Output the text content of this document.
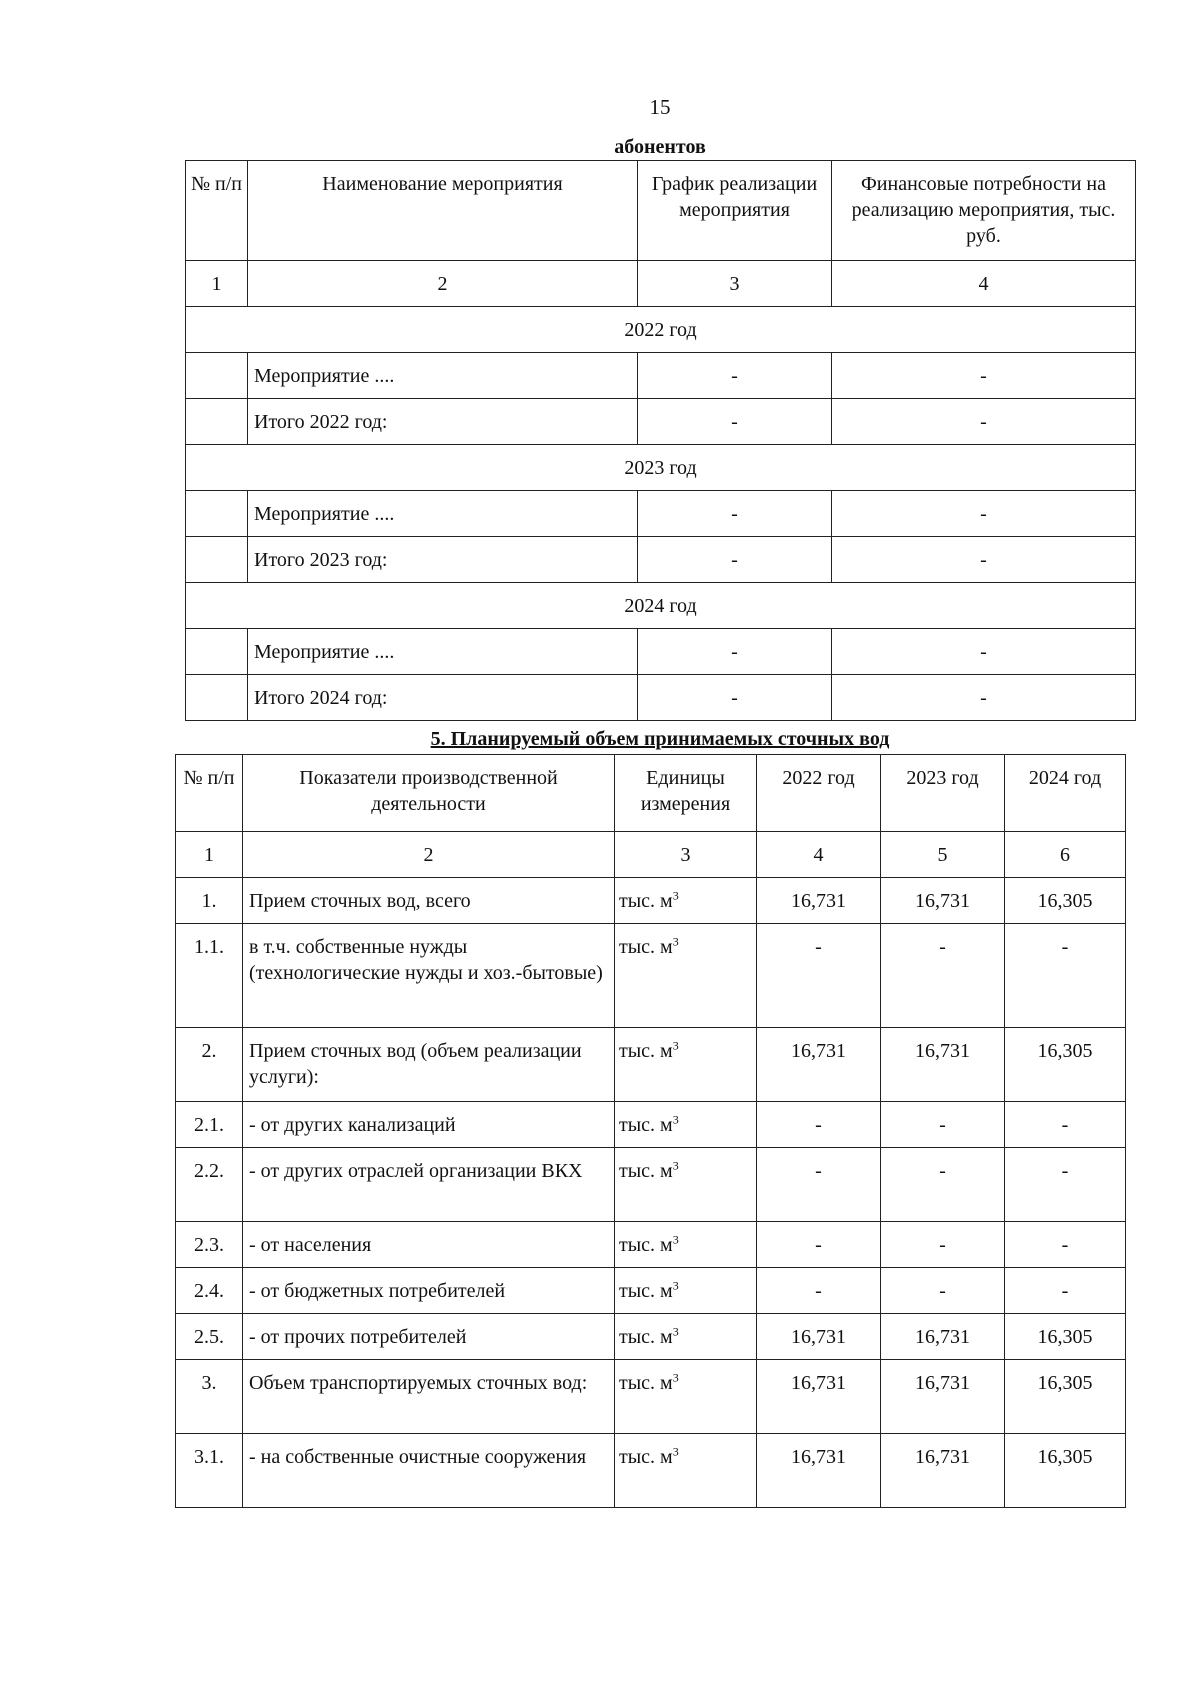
15
абонентов
№ п/п	Наименование мероприятия	График реализации мероприятия	Финансовые потребности на реализацию мероприятия, тыс. руб.
1	2	3	4
2022 год			
	Мероприятие ....	-	-
	Итого 2022 год:	-	-
2023 год			
	Мероприятие ....	-	-
	Итого 2023 год:	-	-
2024 год			
	Мероприятие ....	-	-
	Итого 2024 год:	-	-
5. Планируемый объем принимаемых сточных вод
№ п/п	Показатели производственной деятельности	Единицы измерения	2022 год	2023 год	2024 год
1	2	3	4	5	6
1.	Прием сточных вод, всего	тыс. $м^3$	16,731	16,731	16,305
1.1.	в т.ч. собственные нужды (технологические нужды и хоз.-бытовые)	тыс. $м^3$	-	-	-
2.	Прием сточных вод (объем реализации услуги):	тыс. $м^3$	16,731	16,731	16,305
2.1.	- от других канализаций	тыс. $м^3$	-	-	-
2.2.	- от других отраслей организации ВКХ	тыс. $м^3$	-	-	-
2.3.	- от населения	тыс. $м^3$	-	-	-
2.4.	- от бюджетных потребителей	тыс. $м^3$	-	-	-
2.5.	- от прочих потребителей	тыс. $м^3$	16,731	16,731	16,305
3.	Объем транспортируемых сточных вод:	тыс. $м^3$	16,731	16,731	16,305
3.1.	- на собственные очистные сооружения	тыс. $м^3$	16,731	16,731	16,305
